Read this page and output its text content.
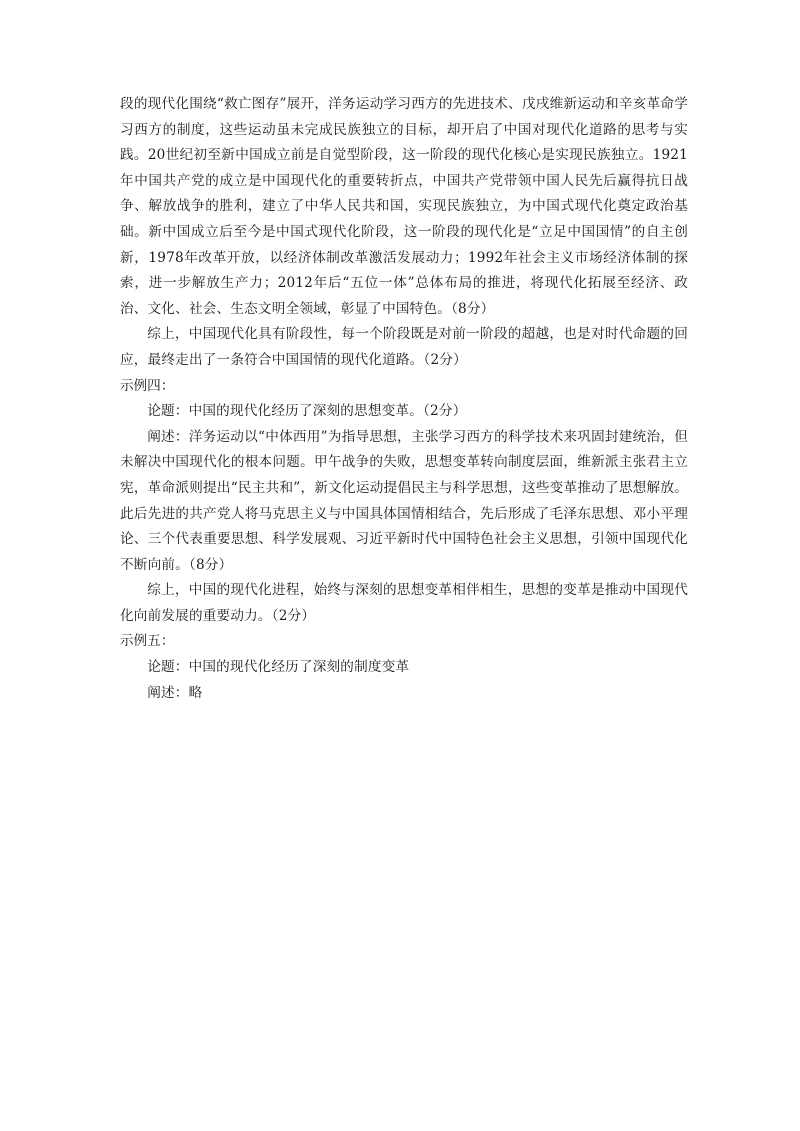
段的现代化围绕“救亡图存”展开，洋务运动学习西方的先进技术、戊戌维新运动和辛亥革命学习西方的制度，这些运动虽未完成民族独立的目标，却开启了中国对现代化道路的思考与实践。20世纪初至新中国成立前是自觉型阶段，这一阶段的现代化核心是实现民族独立。1921年中国共产党的成立是中国现代化的重要转折点，中国共产党带领中国人民先后赢得抗日战争、解放战争的胜利，建立了中华人民共和国，实现民族独立，为中国式现代化奠定政治基础。新中国成立后至今是中国式现代化阶段，这一阶段的现代化是“立足中国国情”的自主创新，1978年改革开放，以经济体制改革激活发展动力；1992年社会主义市场经济体制的探索，进一步解放生产力；2012年后“五位一体”总体布局的推进，将现代化拓展至经济、政治、文化、社会、生态文明全领域，彰显了中国特色。（8分）

综上，中国现代化具有阶段性，每一个阶段既是对前一阶段的超越，也是对时代命题的回应，最终走出了一条符合中国国情的现代化道路。（2分）

示例四：

论题：中国的现代化经历了深刻的思想变革。（2分）

阐述：洋务运动以“中体西用”为指导思想，主张学习西方的科学技术来巩固封建统治，但未解决中国现代化的根本问题。甲午战争的失败，思想变革转向制度层面，维新派主张君主立宪，革命派则提出“民主共和”，新文化运动提倡民主与科学思想，这些变革推动了思想解放。此后先进的共产党人将马克思主义与中国具体国情相结合，先后形成了毛泽东思想、邓小平理论、三个代表重要思想、科学发展观、习近平新时代中国特色社会主义思想，引领中国现代化不断向前。（8分）

综上，中国的现代化进程，始终与深刻的思想变革相伴相生，思想的变革是推动中国现代化向前发展的重要动力。（2分）

示例五：

论题：中国的现代化经历了深刻的制度变革

阐述：略
